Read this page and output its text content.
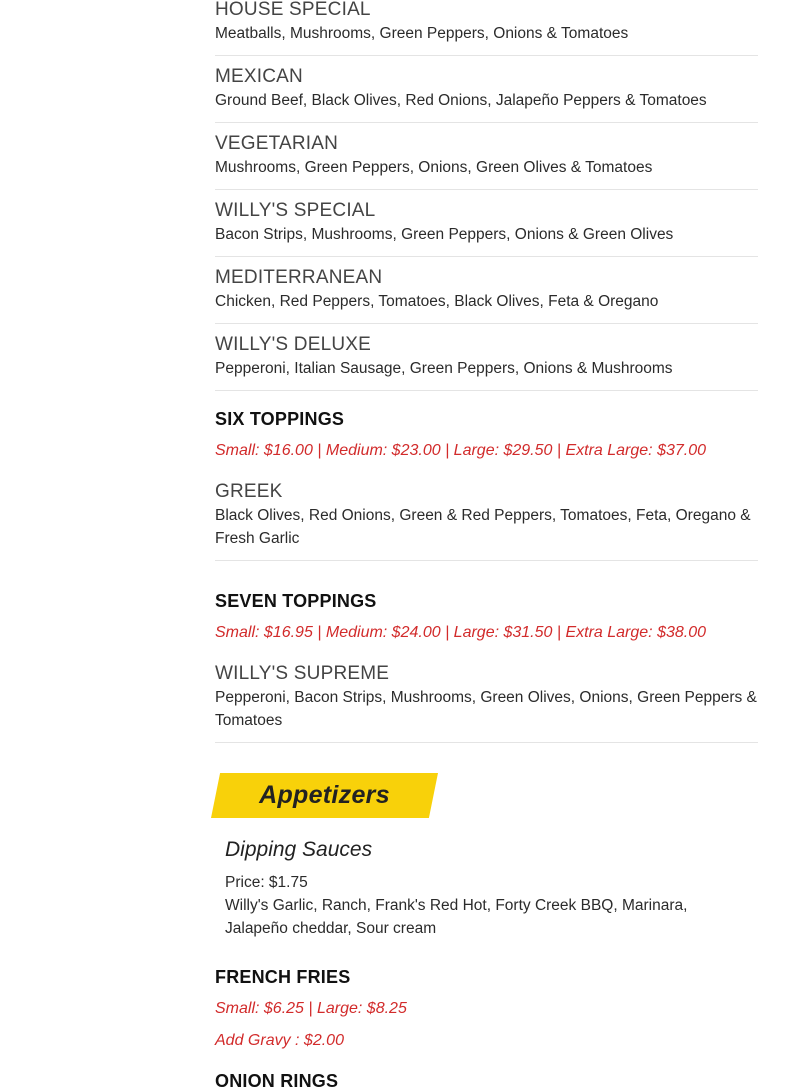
HOUSE SPECIAL
Meatballs, Mushrooms, Green Peppers, Onions & Tomatoes
MEXICAN
Ground Beef, Black Olives, Red Onions, Jalapeño Peppers & Tomatoes
VEGETARIAN
Mushrooms, Green Peppers, Onions, Green Olives & Tomatoes
WILLY'S SPECIAL
Bacon Strips, Mushrooms, Green Peppers, Onions & Green Olives
MEDITERRANEAN
Chicken, Red Peppers, Tomatoes, Black Olives, Feta & Oregano
WILLY'S DELUXE
Pepperoni, Italian Sausage, Green Peppers, Onions & Mushrooms
SIX TOPPINGS
Small: $16.00 | Medium: $23.00 | Large: $29.50 | Extra Large: $37.00
GREEK
Black Olives, Red Onions, Green & Red Peppers, Tomatoes, Feta, Oregano & Fresh Garlic
SEVEN TOPPINGS
Small: $16.95 | Medium: $24.00 | Large: $31.50 | Extra Large: $38.00
WILLY'S SUPREME
Pepperoni, Bacon Strips, Mushrooms, Green Olives, Onions, Green Peppers & Tomatoes
Appetizers
Dipping Sauces
Price: $1.75
Willy's Garlic, Ranch, Frank's Red Hot, Forty Creek BBQ, Marinara, Jalapeño cheddar, Sour cream
FRENCH FRIES
Small: $6.25 | Large: $8.25
Add Gravy : $2.00
ONION RINGS
